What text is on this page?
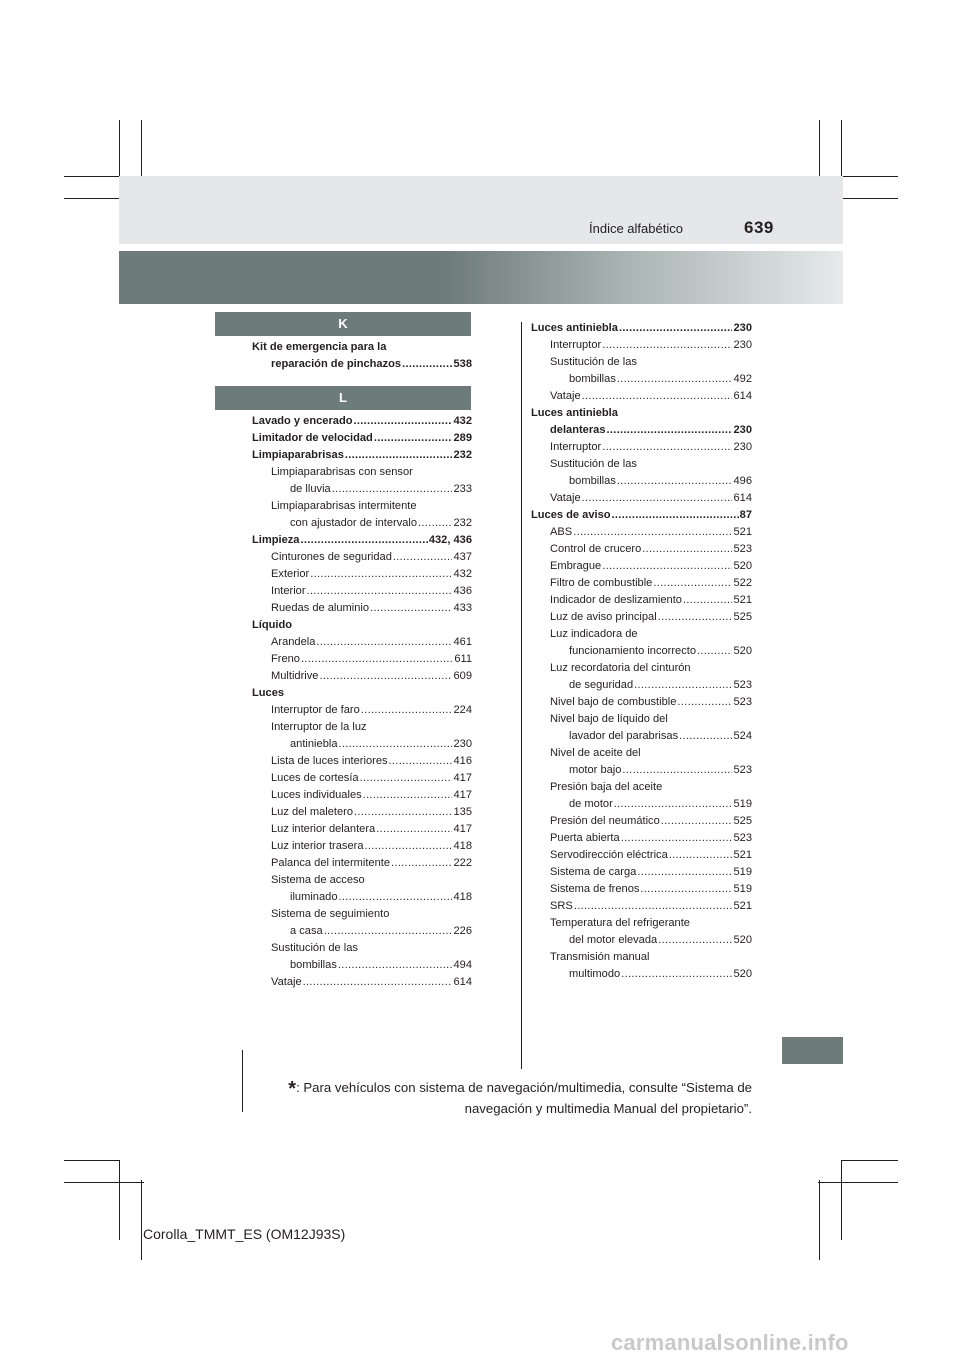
Índice alfabético	639
K
Kit de emergencia para la
reparación de pinchazos .....	538
L
Lavado y encerado .....	432
Limitador de velocidad .....	289
Limpiaparabrisas .....	232
Limpiaparabrisas con sensor
de lluvia .....	233
Limpiaparabrisas intermitente
con ajustador de intervalo .....	232
Limpieza .....	432, 436
Cinturones de seguridad .....	437
Exterior .....	432
Interior .....	436
Ruedas de aluminio .....	433
Líquido
Arandela .....	461
Freno .....	611
Multidrive .....	609
Luces
Interruptor de faro .....	224
Interruptor de la luz
antiniebla .....	230
Lista de luces interiores .....	416
Luces de cortesía .....	417
Luces individuales .....	417
Luz del maletero .....	135
Luz interior delantera .....	417
Luz interior trasera .....	418
Palanca del intermitente .....	222
Sistema de acceso
iluminado .....	418
Sistema de seguimiento
a casa .....	226
Sustitución de las
bombillas .....	494
Vataje .....	614
Luces antiniebla .....	230
Interruptor .....	230
Sustitución de las
bombillas .....	492
Vataje .....	614
Luces antiniebla
delanteras .....	230
Interruptor .....	230
Sustitución de las
bombillas .....	496
Vataje .....	614
Luces de aviso .....	87
ABS .....	521
Control de crucero .....	523
Embrague .....	520
Filtro de combustible .....	522
Indicador de deslizamiento .....	521
Luz de aviso principal .....	525
Luz indicadora de
funcionamiento incorrecto .....	520
Luz recordatoria del cinturón
de seguridad .....	523
Nivel bajo de combustible .....	523
Nivel bajo de líquido del
lavador del parabrisas .....	524
Nivel de aceite del
motor bajo .....	523
Presión baja del aceite
de motor .....	519
Presión del neumático .....	525
Puerta abierta .....	523
Servodirección eléctrica .....	521
Sistema de carga .....	519
Sistema de frenos .....	519
SRS .....	521
Temperatura del refrigerante
del motor elevada .....	520
Transmisión manual
multimodo .....	520
*: Para vehículos con sistema de navegación/multimedia, consulte “Sistema de
navegación y multimedia Manual del propietario”.
Corolla_TMMT_ES (OM12J93S)
carmanualsonline.info
